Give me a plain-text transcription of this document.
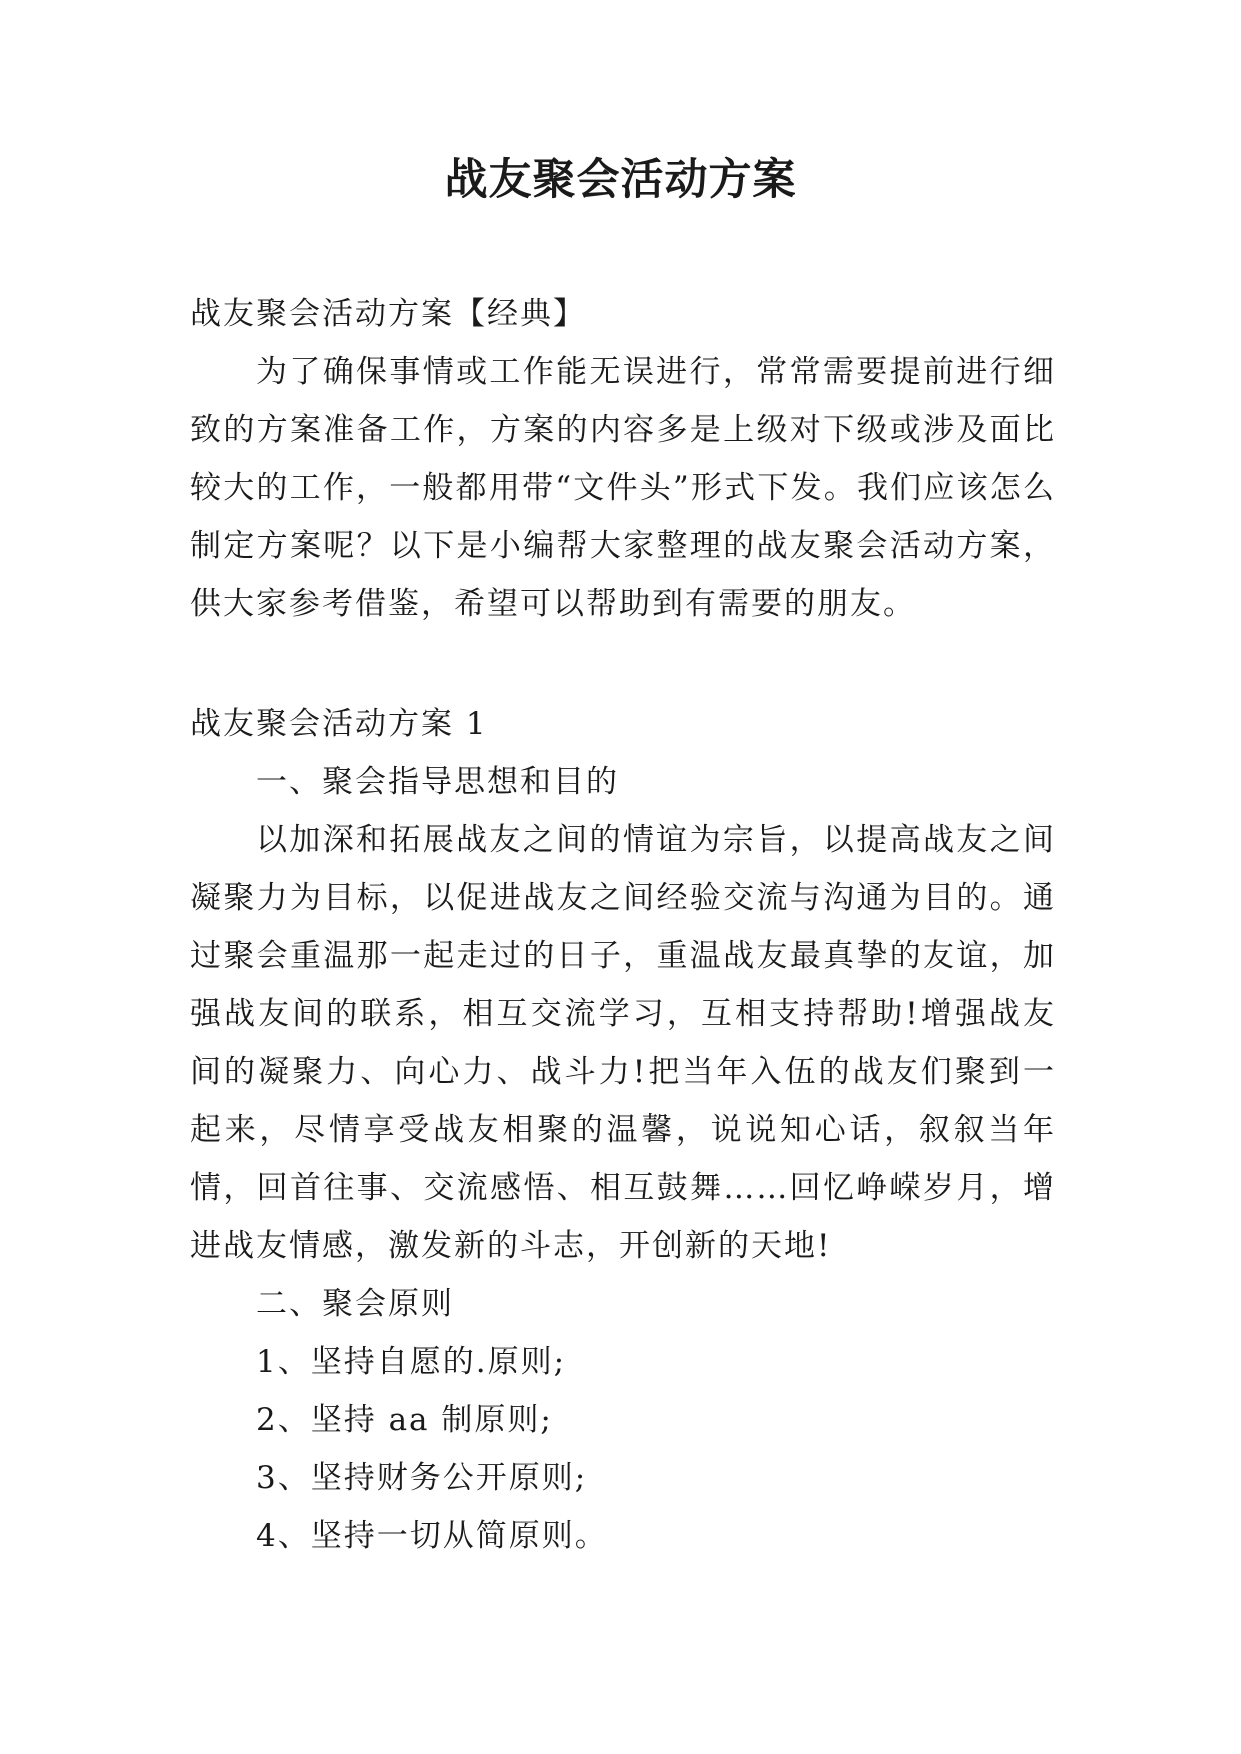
战友聚会活动方案

战友聚会活动方案【经典】

为了确保事情或工作能无误进行，常常需要提前进行细致的方案准备工作，方案的内容多是上级对下级或涉及面比较大的工作，一般都用带“文件头”形式下发。我们应该怎么制定方案呢？以下是小编帮大家整理的战友聚会活动方案，供大家参考借鉴，希望可以帮助到有需要的朋友。

战友聚会活动方案 1

一、聚会指导思想和目的

以加深和拓展战友之间的情谊为宗旨，以提高战友之间凝聚力为目标，以促进战友之间经验交流与沟通为目的。通过聚会重温那一起走过的日子，重温战友最真挚的友谊，加强战友间的联系，相互交流学习，互相支持帮助!增强战友间的凝聚力、向心力、战斗力!把当年入伍的战友们聚到一起来，尽情享受战友相聚的温馨，说说知心话，叙叙当年情，回首往事、交流感悟、相互鼓舞……回忆峥嵘岁月，增进战友情感，激发新的斗志，开创新的天地!

二、聚会原则

1、坚持自愿的.原则;

2、坚持 aa 制原则;

3、坚持财务公开原则;

4、坚持一切从简原则。
